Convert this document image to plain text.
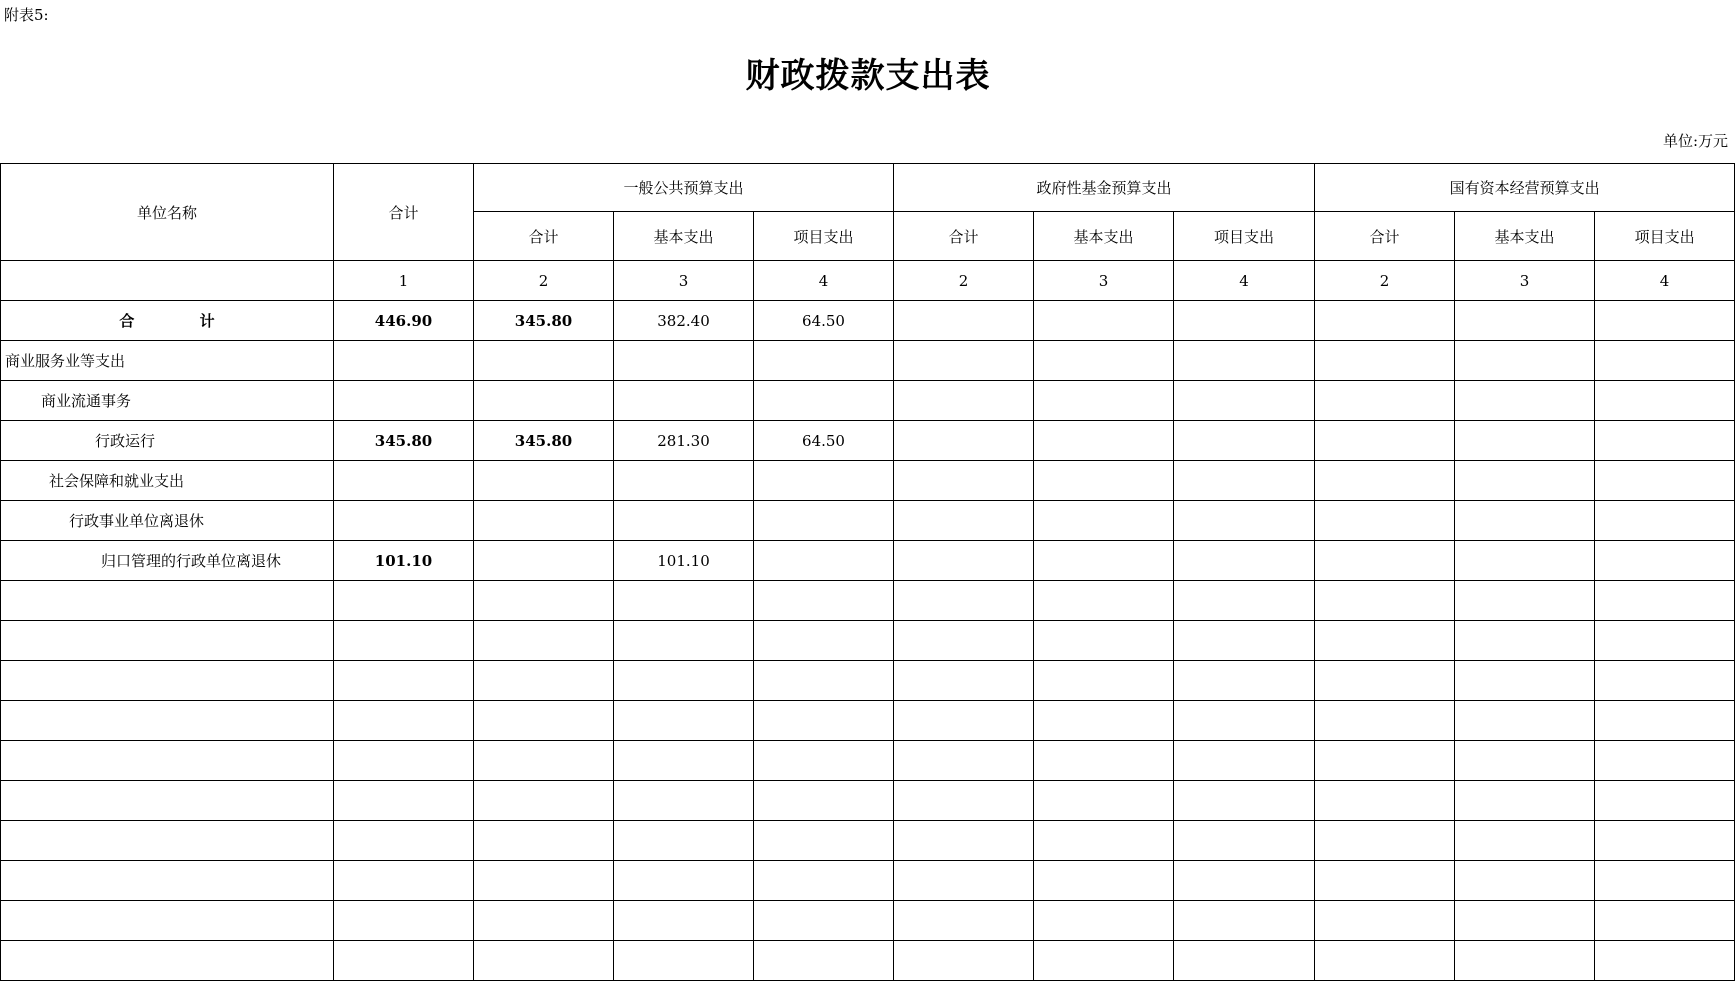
附表5:
财政拨款支出表
单位:万元
单位名称	合计	一般公共预算支出			政府性基金预算支出			国有资本经营预算支出		
		合计	基本支出	项目支出	合计	基本支出	项目支出	合计	基本支出	项目支出
	1	2	3	4	2	3	4	2	3	4
合 计	446.90	345.80	382.40	64.50						
商业服务业等支出										
商业流通事务										
行政运行	345.80	345.80	281.30	64.50						
社会保障和就业支出										
行政事业单位离退休										
归口管理的行政单位离退休	101.10		101.10							
